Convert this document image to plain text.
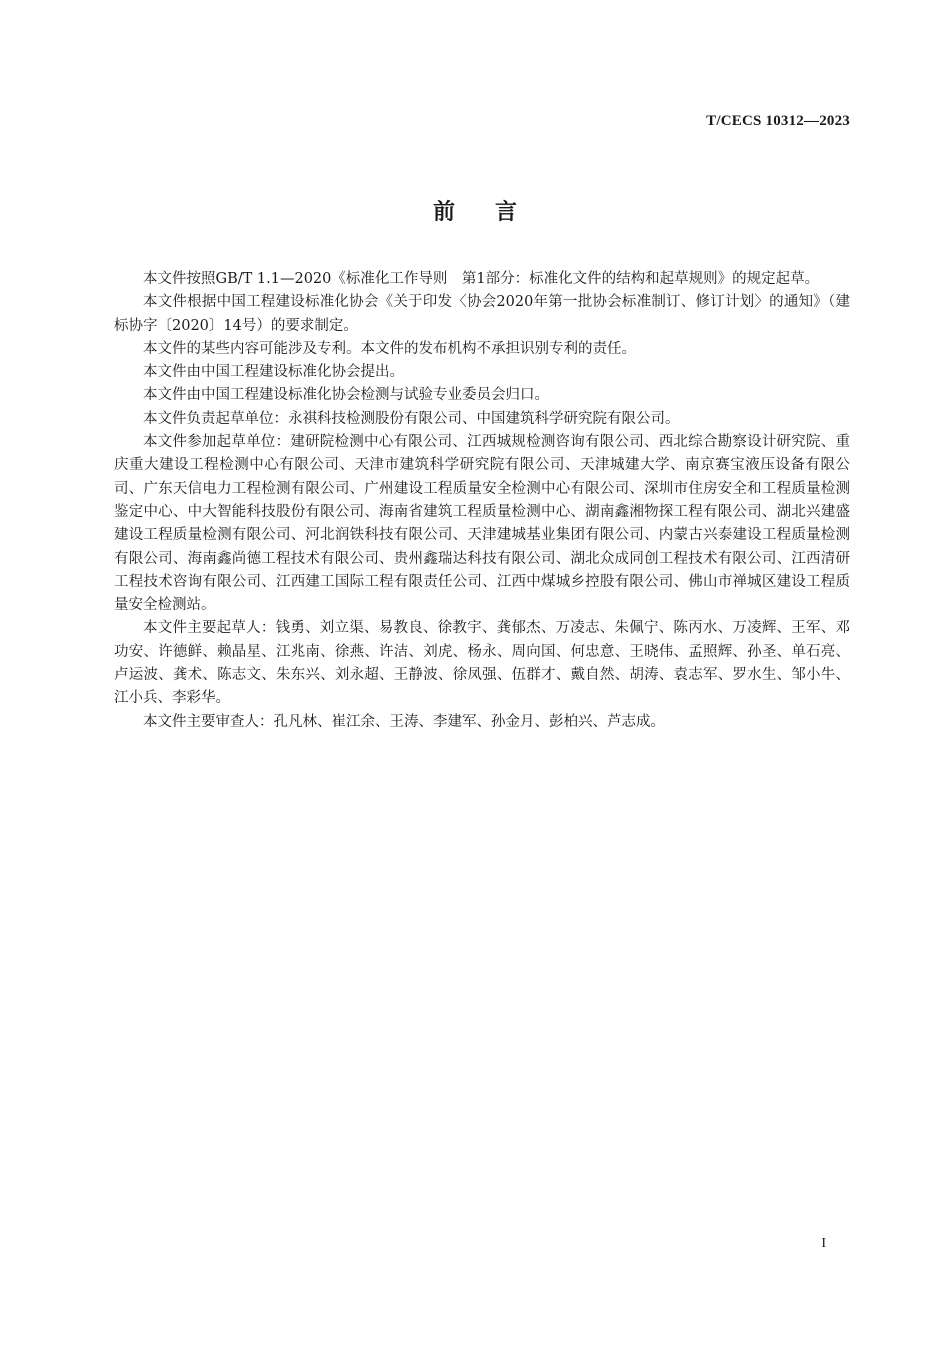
T/CECS 10312—2023
前言

本文件按照GB/T 1.1—2020《标准化工作导则　第1部分：标准化文件的结构和起草规则》的规定起草。

本文件根据中国工程建设标准化协会《关于印发〈协会2020年第一批协会标准制订、修订计划〉的通知》（建标协字〔2020〕14号）的要求制定。

本文件的某些内容可能涉及专利。本文件的发布机构不承担识别专利的责任。

本文件由中国工程建设标准化协会提出。

本文件由中国工程建设标准化协会检测与试验专业委员会归口。

本文件负责起草单位：永祺科技检测股份有限公司、中国建筑科学研究院有限公司。

本文件参加起草单位：建研院检测中心有限公司、江西城规检测咨询有限公司、西北综合勘察设计研究院、重庆重大建设工程检测中心有限公司、天津市建筑科学研究院有限公司、天津城建大学、南京赛宝液压设备有限公司、广东天信电力工程检测有限公司、广州建设工程质量安全检测中心有限公司、深圳市住房安全和工程质量检测鉴定中心、中大智能科技股份有限公司、海南省建筑工程质量检测中心、湖南鑫湘物探工程有限公司、湖北兴建盛建设工程质量检测有限公司、河北润铁科技有限公司、天津建城基业集团有限公司、内蒙古兴泰建设工程质量检测有限公司、海南鑫尚德工程技术有限公司、贵州鑫瑞达科技有限公司、湖北众成同创工程技术有限公司、江西清研工程技术咨询有限公司、江西建工国际工程有限责任公司、江西中煤城乡控股有限公司、佛山市禅城区建设工程质量安全检测站。

本文件主要起草人：钱勇、刘立渠、易教良、徐教宇、龚郁杰、万凌志、朱佩宁、陈丙水、万凌辉、王军、邓功安、许德鲜、赖晶星、江兆南、徐燕、许洁、刘虎、杨永、周向国、何忠意、王晓伟、孟照辉、孙圣、单石亮、卢运波、龚术、陈志文、朱东兴、刘永超、王静波、徐凤强、伍群才、戴自然、胡涛、袁志军、罗水生、邹小牛、江小兵、李彩华。

本文件主要审查人：孔凡林、崔江余、王涛、李建军、孙金月、彭柏兴、芦志成。

I
